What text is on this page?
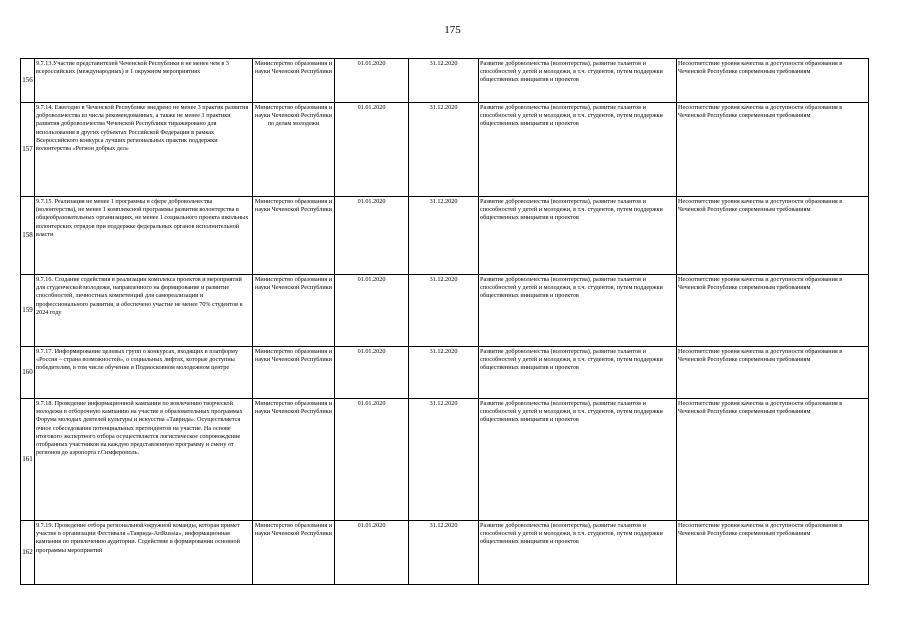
175
156	9.7.13.Участие представителей Чеченской Республики в не менее чем в 3 всероссийских (международных) и 1 окружном мероприятиях	Министерство образования и науки Чеченской Республики	01.01.2020	31.12.2020	Развитие добровольчества (волонтерства), развитие талантов и способностей у детей и молодежи, в т.ч. студентов, путем поддержки общественных инициатив и проектов	Несоответствие уровня качества и доступности образования в Чеченской Республике современным требованиям
157	9.7.14. Ежегодно в Чеченской Республике внедрено не менее 3 практик развития добровольчества из числа рекомендованных, а также не менее 1 практики развития добровольчества Чеченской Республики тиражировано для использования в других субъектах Российской Федерации в рамках Всероссийского конкурса лучших региональных практик поддержки волонтерства «Регион добрых дел»	Министерство образования и науки Чеченской Республики по делам молодежи	01.01.2020	31.12.2020	Развитие добровольчества (волонтерства), развитие талантов и способностей у детей и молодежи, в т.ч. студентов, путем поддержки общественных инициатив и проектов	Несоответствие уровня качества и доступности образования в Чеченской Республике современным требованиям
158	9.7.15. Реализация не менее 1 программы в сфере добровольчества (волонтерства), не менее 1 комплексной программы развития волонтерства в общеобразовательных организациях, не менее 1 социального проекта школьных волонтерских отрядов при поддержке федеральных органов исполнительной власти	Министерство образования и науки Чеченской Республики	01.01.2020	31.12.2020	Развитие добровольчества (волонтерства), развитие талантов и способностей у детей и молодежи, в т.ч. студентов, путем поддержки общественных инициатив и проектов	Несоответствие уровня качества и доступности образования в Чеченской Республике современным требованиям
159	9.7.16. Создание содействия в реализации комплекса проектов и мероприятий для студенческой молодежи, направленного на формирование и развитие способностей, личностных компетенций для самореализации и профессионального развития, и обеспечено участие не менее 70% студентов к 2024 году	Министерство образования и науки Чеченской Республики	01.01.2020	31.12.2020	Развитие добровольчества (волонтерства), развитие талантов и способностей у детей и молодежи, в т.ч. студентов, путем поддержки общественных инициатив и проектов	Несоответствие уровня качества и доступности образования в Чеченской Республике современным требованиям
160	9.7.17. Информирование целевых групп о конкурсах, входящих в платформу «Россия – страна возможностей», о социальных лифтах, которые доступны победителям, в том числе обучение в Подмосковном молодежном центре	Министерство образования и науки Чеченской Республики	01.01.2020	31.12.2020	Развитие добровольчества (волонтерства), развитие талантов и способностей у детей и молодежи, в т.ч. студентов, путем поддержки общественных инициатив и проектов	Несоответствие уровня качества и доступности образования в Чеченской Республике современным требованиям
161	9.7.18. Проведение информационной кампании по вовлечению творческой молодежи в отборочную кампанию на участие в образовательных программах Форума молодых деятелей культуры и искусства «Таврида». Осуществляется очное собеседование потенциальных претендентов на участие. На основе итогового экспертного отбора осуществляется логистическое сопровождение отобранных участников на каждую представленную программу и смену от регионов до аэропорта г.Симферополь.	Министерство образования и науки Чеченской Республики	01.01.2020	31.12.2020	Развитие добровольчества (волонтерства), развитие талантов и способностей у детей и молодежи, в т.ч. студентов, путем поддержки общественных инициатив и проектов	Несоответствие уровня качества и доступности образования в Чеченской Республике современным требованиям
162	9.7.19. Проведение отбора региональной/окружной команды, которая примет участие в организации Фестиваля «Таврида-ArtRussia», информационная кампания по привлечению аудитории. Содействие в формировании основной программы мероприятий	Министерство образования и науки Чеченской Республики	01.01.2020	31.12.2020	Развитие добровольчества (волонтерства), развитие талантов и способностей у детей и молодежи, в т.ч. студентов, путем поддержки общественных инициатив и проектов	Несоответствие уровня качества и доступности образования в Чеченской Республике современным требованиям
